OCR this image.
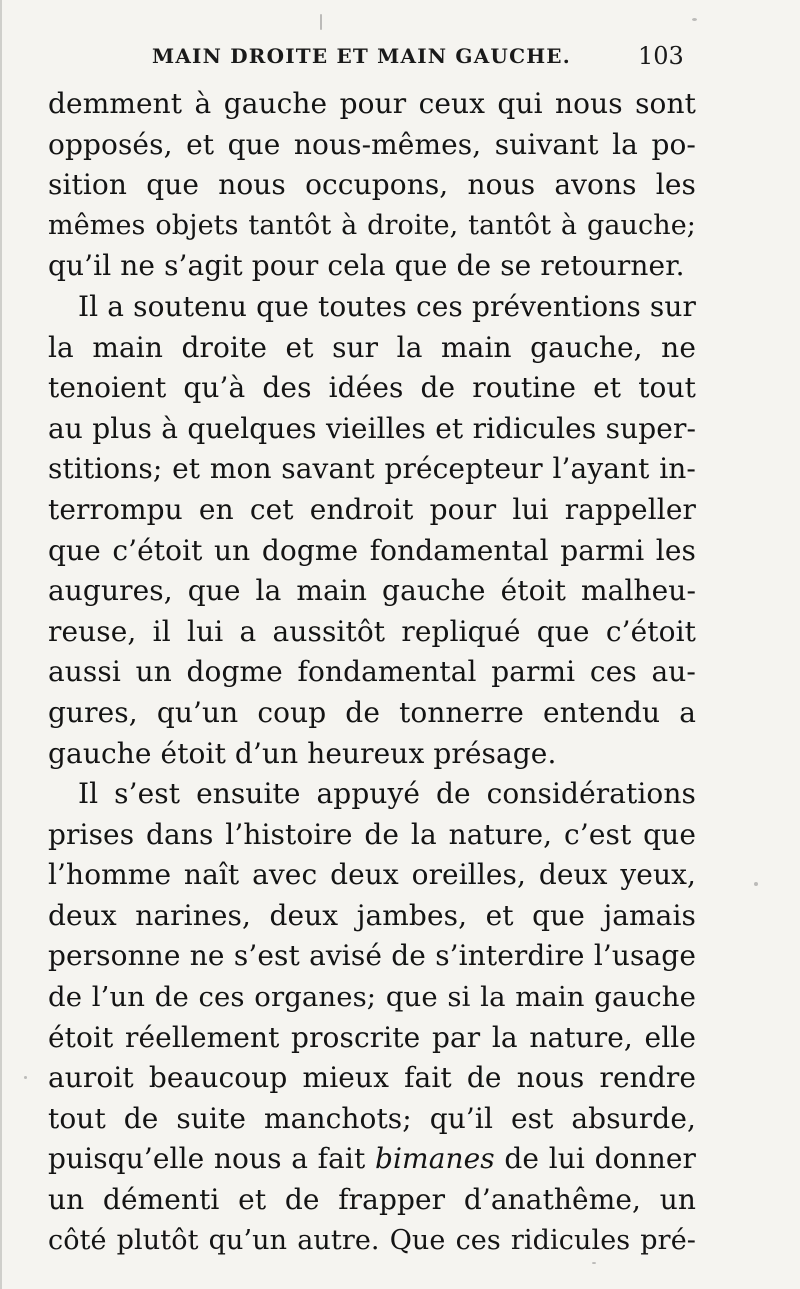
MAIN DROITE ET MAIN GAUCHE.	103
demment à gauche pour ceux qui nous sont
opposés, et que nous-mêmes, suivant la po-
sition que nous occupons, nous avons les
mêmes objets tantôt à droite, tantôt à gauche;
qu’il ne s’agit pour cela que de se retourner.
Il a soutenu que toutes ces préventions sur
la main droite et sur la main gauche, ne
tenoient qu’à des idées de routine et tout
au plus à quelques vieilles et ridicules super-
stitions; et mon savant précepteur l’ayant in-
terrompu en cet endroit pour lui rappeller
que c’étoit un dogme fondamental parmi les
augures, que la main gauche étoit malheu-
reuse, il lui a aussitôt repliqué que c’étoit
aussi un dogme fondamental parmi ces au-
gures, qu’un coup de tonnerre entendu a
gauche étoit d’un heureux présage.
Il s’est ensuite appuyé de considérations
prises dans l’histoire de la nature, c’est que
l’homme naît avec deux oreilles, deux yeux,
deux narines, deux jambes, et que jamais
personne ne s’est avisé de s’interdire l’usage
de l’un de ces organes; que si la main gauche
étoit réellement proscrite par la nature, elle
auroit beaucoup mieux fait de nous rendre
tout de suite manchots; qu’il est absurde,
puisqu’elle nous a fait bimanes de lui donner
un démenti et de frapper d’anathême, un
côté plutôt qu’un autre. Que ces ridicules pré-
